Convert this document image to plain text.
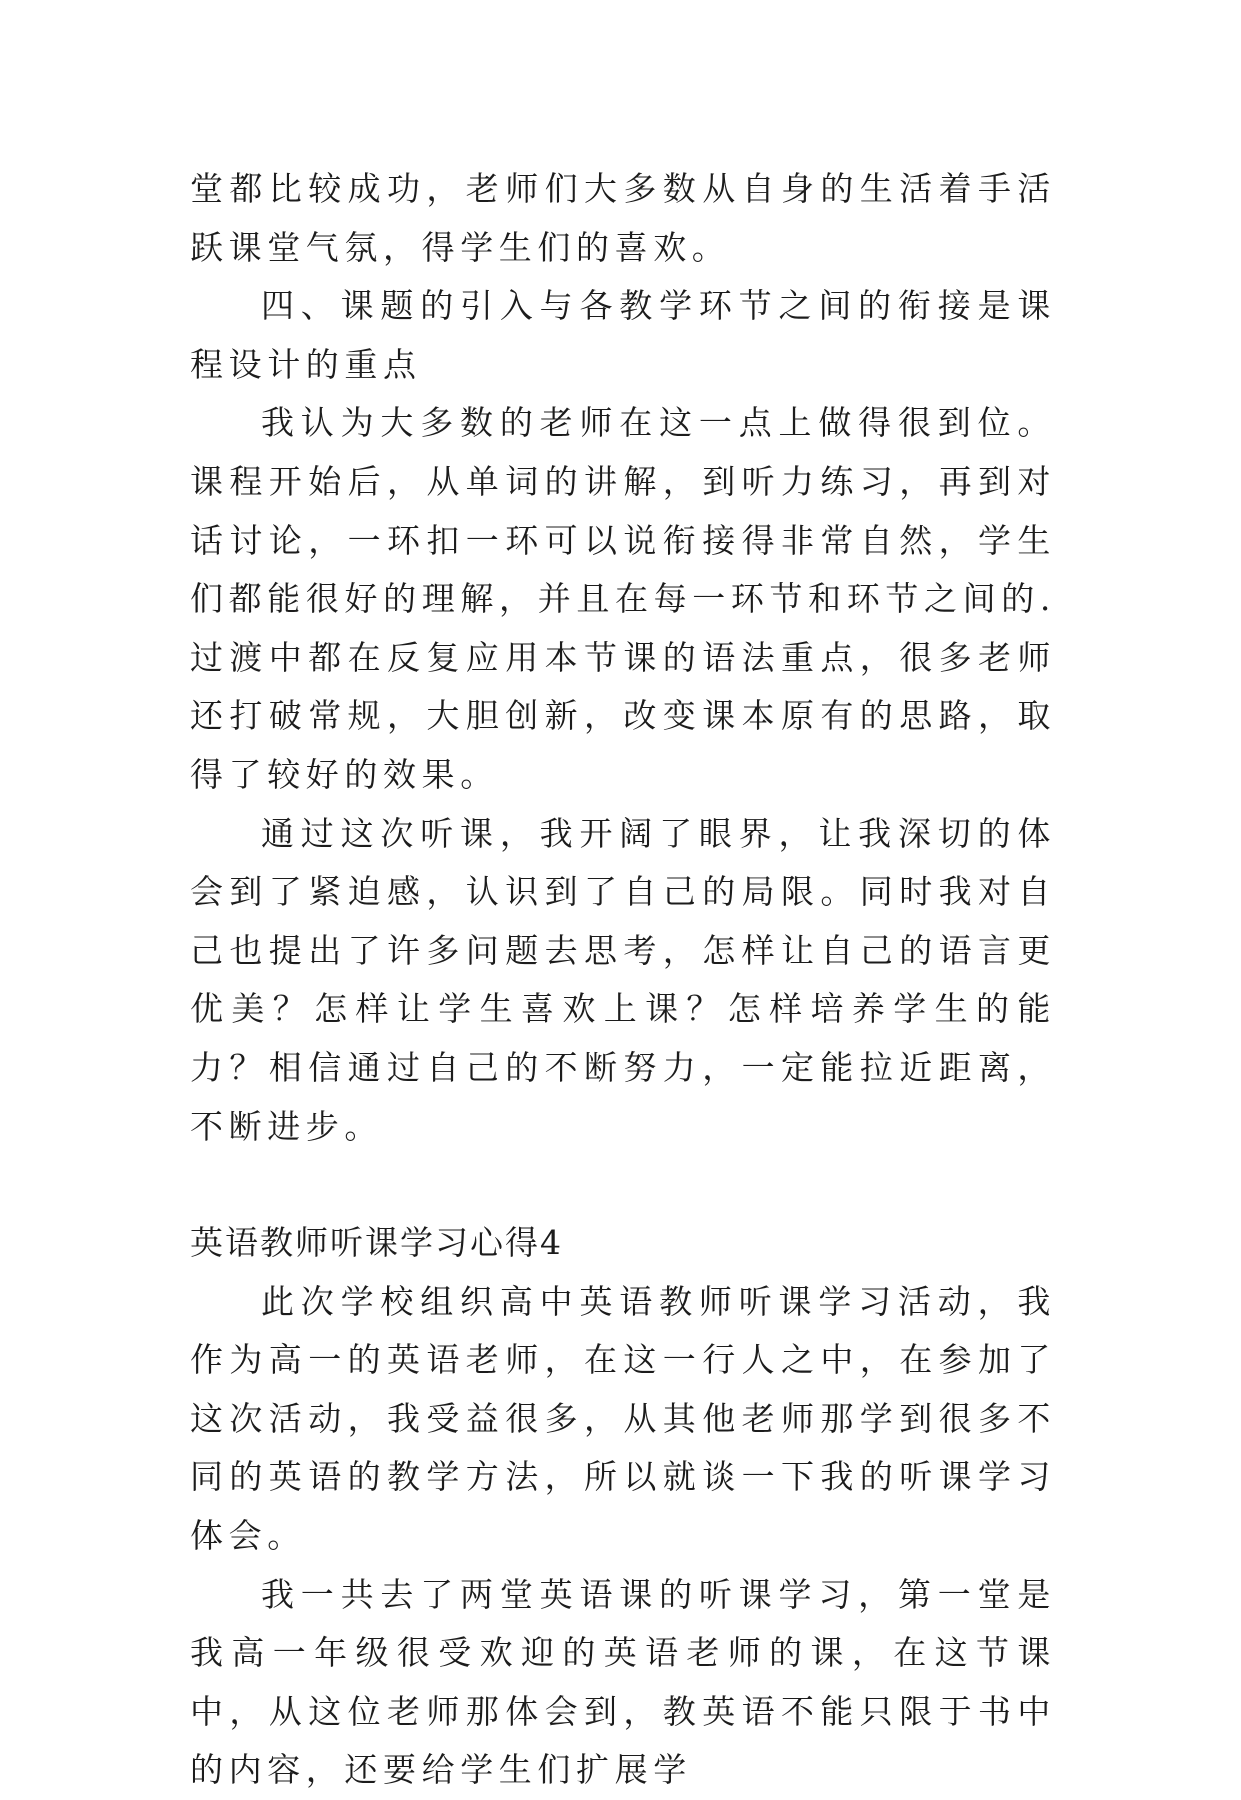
堂都比较成功，老师们大多数从自身的生活着手活跃课堂气氛，得学生们的喜欢。

四、课题的引入与各教学环节之间的衔接是课程设计的重点

我认为大多数的老师在这一点上做得很到位。课程开始后，从单词的讲解，到听力练习，再到对话讨论，一环扣一环可以说衔接得非常自然，学生们都能很好的理解，并且在每一环节和环节之间的.过渡中都在反复应用本节课的语法重点，很多老师还打破常规，大胆创新，改变课本原有的思路，取得了较好的效果。

通过这次听课，我开阔了眼界，让我深切的体会到了紧迫感，认识到了自己的局限。同时我对自己也提出了许多问题去思考，怎样让自己的语言更优美？怎样让学生喜欢上课？怎样培养学生的能力？相信通过自己的不断努力，一定能拉近距离，不断进步。

英语教师听课学习心得4

此次学校组织高中英语教师听课学习活动，我作为高一的英语老师，在这一行人之中，在参加了这次活动，我受益很多，从其他老师那学到很多不同的英语的教学方法，所以就谈一下我的听课学习体会。

我一共去了两堂英语课的听课学习，第一堂是我高一年级很受欢迎的英语老师的课，在这节课中，从这位老师那体会到，教英语不能只限于书中的内容，还要给学生们扩展学
